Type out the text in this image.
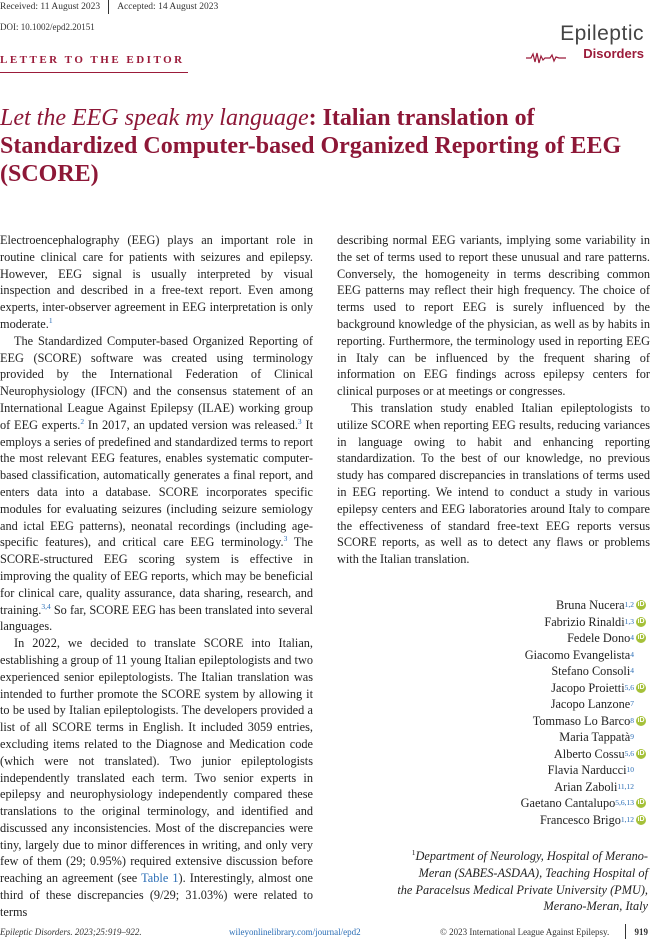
Received: 11 August 2023 Accepted: 14 August 2023
DOI: 10.1002/epd2.20151	Epileptic
Disorders
LETTER TO THE EDITOR
Let the EEG speak my language: Italian translation of
Standardized Computer-based Organized Reporting of EEG
(SCORE)

Electroencephalography (EEG) plays an important role in routine clinical care for patients with seizures and epilepsy. However, EEG signal is usually interpreted by visual inspection and described in a free-text report. Even among experts, inter-observer agreement in EEG interpretation is only moderate.$^1$

The Standardized Computer-based Organized Reporting of EEG (SCORE) software was created using terminology provided by the International Federation of Clinical Neurophysiology (IFCN) and the consensus statement of an International League Against Epilepsy (ILAE) working group of EEG experts.$^2$ In 2017, an updated version was released.$^3$ It employs a series of predefined and standardized terms to report the most relevant EEG features, enables systematic computer-based classification, automatically generates a final report, and enters data into a database. SCORE incorporates specific modules for evaluating seizures (including seizure semiology and ictal EEG patterns), neonatal recordings (including age-specific features), and critical care EEG terminology.$^3$ The SCORE-structured EEG scoring system is effective in improving the quality of EEG reports, which may be beneficial for clinical care, quality assurance, data sharing, research, and training.$^{3,4}$ So far, SCORE EEG has been translated into several languages.

In 2022, we decided to translate SCORE into Italian, establishing a group of 11 young Italian epileptologists and two experienced senior epileptologists. The Italian translation was intended to further promote the SCORE system by allowing it to be used by Italian epileptologists. The developers provided a list of all SCORE terms in English. It included 3059 entries, excluding items related to the Diagnose and Medication code (which were not translated). Two junior epileptologists independently translated each term. Two senior experts in epilepsy and neurophysiology independently compared these translations to the original terminology, and identified and discussed any inconsistencies. Most of the discrepancies were tiny, largely due to minor differences in writing, and only very few of them (29; 0.95%) required extensive discussion before reaching an agreement (see Table 1). Interestingly, almost one third of these discrepancies (9/29; 31.03%) were related to terms

describing normal EEG variants, implying some variability in the set of terms used to report these unusual and rare patterns. Conversely, the homogeneity in terms describing common EEG patterns may reflect their high frequency. The choice of terms used to report EEG is surely influenced by the background knowledge of the physician, as well as by habits in reporting. Furthermore, the terminology used in reporting EEG in Italy can be influenced by the frequent sharing of information on EEG findings across epilepsy centers for clinical purposes or at meetings or congresses.

This translation study enabled Italian epileptologists to utilize SCORE when reporting EEG results, reducing variances in language owing to habit and enhancing reporting standardization. To the best of our knowledge, no previous study has compared discrepancies in translations of terms used in EEG reporting. We intend to conduct a study in various epilepsy centers and EEG laboratories around Italy to compare the effectiveness of standard free-text EEG reports versus SCORE reports, as well as to detect any flaws or problems with the Italian translation.

Bruna Nucera 1,2 iD
Fabrizio Rinaldi 1,3 iD
Fedele Dono 4 iD
Giacomo Evangelista 4
Stefano Consoli 4
Jacopo Proietti 5,6 iD
Jacopo Lanzone 7
Tommaso Lo Barco 8 iD
Maria Tappatà 9
Alberto Cossu 5,6 iD
Flavia Narducci 10
Arian Zaboli 11,12
Gaetano Cantalupo 5,6,13 iD
Francesco Brigo 1,12 iD
$^1$Department of Neurology, Hospital of Merano-
Meran (SABES-ASDAA), Teaching Hospital of
the Paracelsus Medical Private University (PMU),
Merano-Meran, Italy
Epileptic Disorders. 2023;25:919–922.	wileyonlinelibrary.com/journal/epd2	© 2023 International League Against Epilepsy.	919
